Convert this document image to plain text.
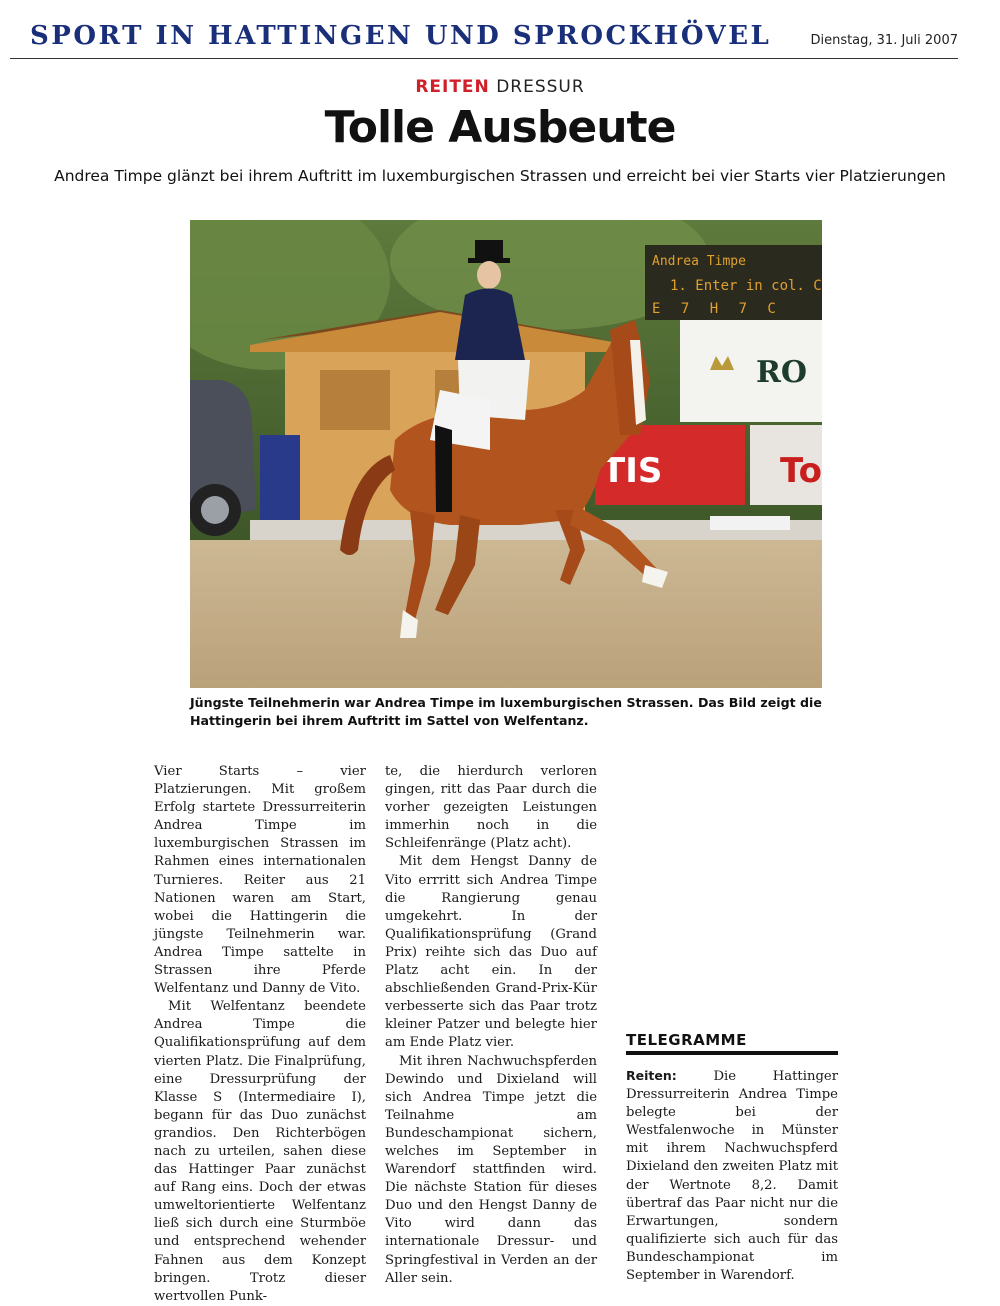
SPORT IN HATTINGEN UND SPROCKHÖVEL	Dienstag, 31. Juli 2007
REITEN DRESSUR
Tolle Ausbeute
Andrea Timpe glänzt bei ihrem Auftritt im luxemburgischen Strassen und erreicht bei vier Starts vier Platzierungen
Andrea Timpe
1. Enter in col. C
E 7 H 7 C
RO
TIS	To
Jüngste Teilnehmerin war Andrea Timpe im luxemburgischen Strassen. Das Bild zeigt die Hattingerin bei ihrem Auftritt im Sattel von Welfentanz.

Vier Starts – vier Platzierungen. Mit großem Erfolg startete Dressurreiterin Andrea Timpe im luxemburgischen Strassen im Rahmen eines internationalen Turnieres. Reiter aus 21 Nationen waren am Start, wobei die Hattingerin die jüngste Teilnehmerin war. Andrea Timpe sattelte in Strassen ihre Pferde Welfentanz und Danny de Vito.

Mit Welfentanz beendete Andrea Timpe die Qualifikationsprüfung auf dem vierten Platz. Die Finalprüfung, eine Dressurprüfung der Klasse S (Intermediaire I), begann für das Duo zunächst grandios. Den Richterbögen nach zu urteilen, sahen diese das Hattinger Paar zunächst auf Rang eins. Doch der etwas umweltorientierte Welfentanz ließ sich durch eine Sturmböe und entsprechend wehender Fahnen aus dem Konzept bringen. Trotz dieser wertvollen Punk-

te, die hierdurch verloren gingen, ritt das Paar durch die vorher gezeigten Leistungen immerhin noch in die Schleifenränge (Platz acht).

Mit dem Hengst Danny de Vito errritt sich Andrea Timpe die Rangierung genau umgekehrt. In der Qualifikationsprüfung (Grand Prix) reihte sich das Duo auf Platz acht ein. In der abschließenden Grand-Prix-Kür verbesserte sich das Paar trotz kleiner Patzer und belegte hier am Ende Platz vier.

Mit ihren Nachwuchspferden Dewindo und Dixieland will sich Andrea Timpe jetzt die Teilnahme am Bundeschampionat sichern, welches im September in Warendorf stattfinden wird. Die nächste Station für dieses Duo und den Hengst Danny de Vito wird dann das internationale Dressur- und Springfestival in Verden an der Aller sein.

TELEGRAMME
Reiten:	Die Hattinger Dressurreiterin Andrea Timpe belegte bei der Westfalenwoche in Münster mit ihrem Nachwuchspferd Dixieland den zweiten Platz mit der Wertnote 8,2. Damit übertraf das Paar nicht nur die Erwartungen, sondern qualifizierte sich auch für das Bundeschampionat im September in Warendorf.
